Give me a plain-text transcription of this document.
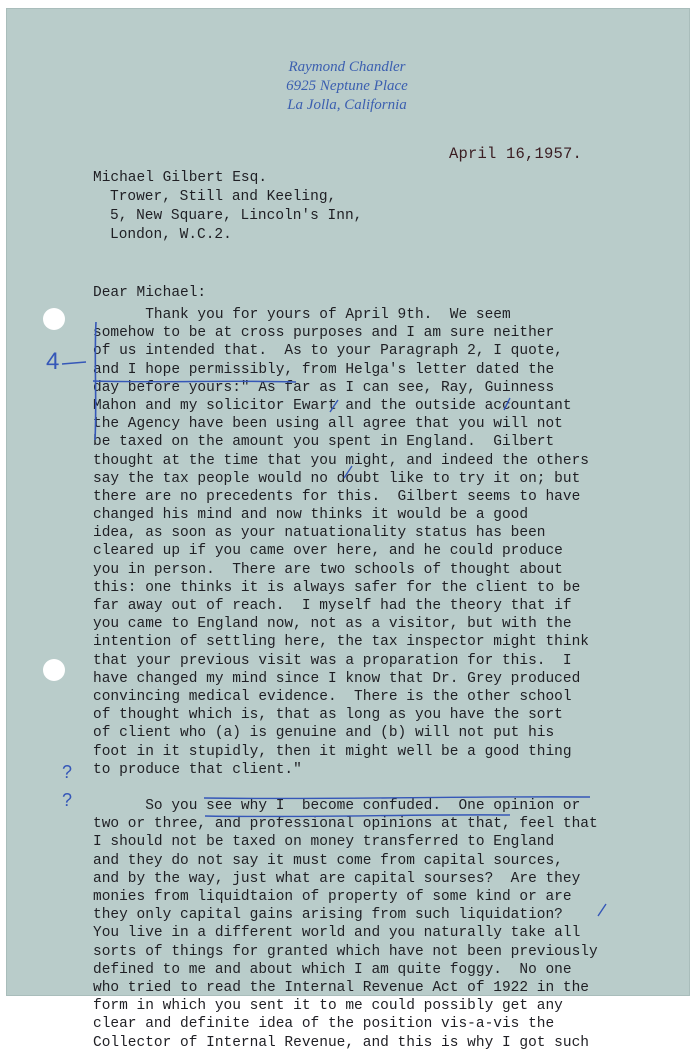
Raymond Chandler
6925 Neptune Place
La Jolla, California
April 16,1957.
Michael Gilbert Esq.
Trower, Still and Keeling,
5, New Square, Lincoln's Inn,
London, W.C.2.
Dear Michael:
Thank you for yours of April 9th.  We seem
somehow to be at cross purposes and I am sure neither
of us intended that.  As to your Paragraph 2, I quote,
and I hope permissibly, from Helga's letter dated the
day before yours:" As far as I can see, Ray, Guinness
Mahon and my solicitor Ewart and the outside accountant
the Agency have been using all agree that you will not
be taxed on the amount you spent in England.  Gilbert
thought at the time that you might, and indeed the others
say the tax people would no doubt like to try it on; but
there are no precedents for this.  Gilbert seems to have
changed his mind and now thinks it would be a good
idea, as soon as your natuationality status has been
cleared up if you came over here, and he could produce
you in person.  There are two schools of thought about
this: one thinks it is always safer for the client to be
far away out of reach.  I myself had the theory that if
you came to England now, not as a visitor, but with the
intention of settling here, the tax inspector might think
that your previous visit was a proparation for this.  I
have changed my mind since I know that Dr. Grey produced
convincing medical evidence.  There is the other school
of thought which is, that as long as you have the sort
of client who (a) is genuine and (b) will not put his
foot in it stupidly, then it might well be a good thing
to produce that client."
So you see why I  become confuded.  One opinion or
two or three, and professional opinions at that, feel that
I should not be taxed on money transferred to England
and they do not say it must come from capital sources,
and by the way, just what are capital sourses?  Are they
monies from liquidtaion of property of some kind or are
they only capital gains arising from such liquidation?
You live in a different world and you naturally take all
sorts of things for granted which have not been previously
defined to me and about which I am quite foggy.  No one
who tried to read the Internal Revenue Act of 1922 in the
form in which you sent it to me could possibly get any
clear and definite idea of the position vis-a-vis the
Collector of Internal Revenue, and this is why I got such
4
?
?
